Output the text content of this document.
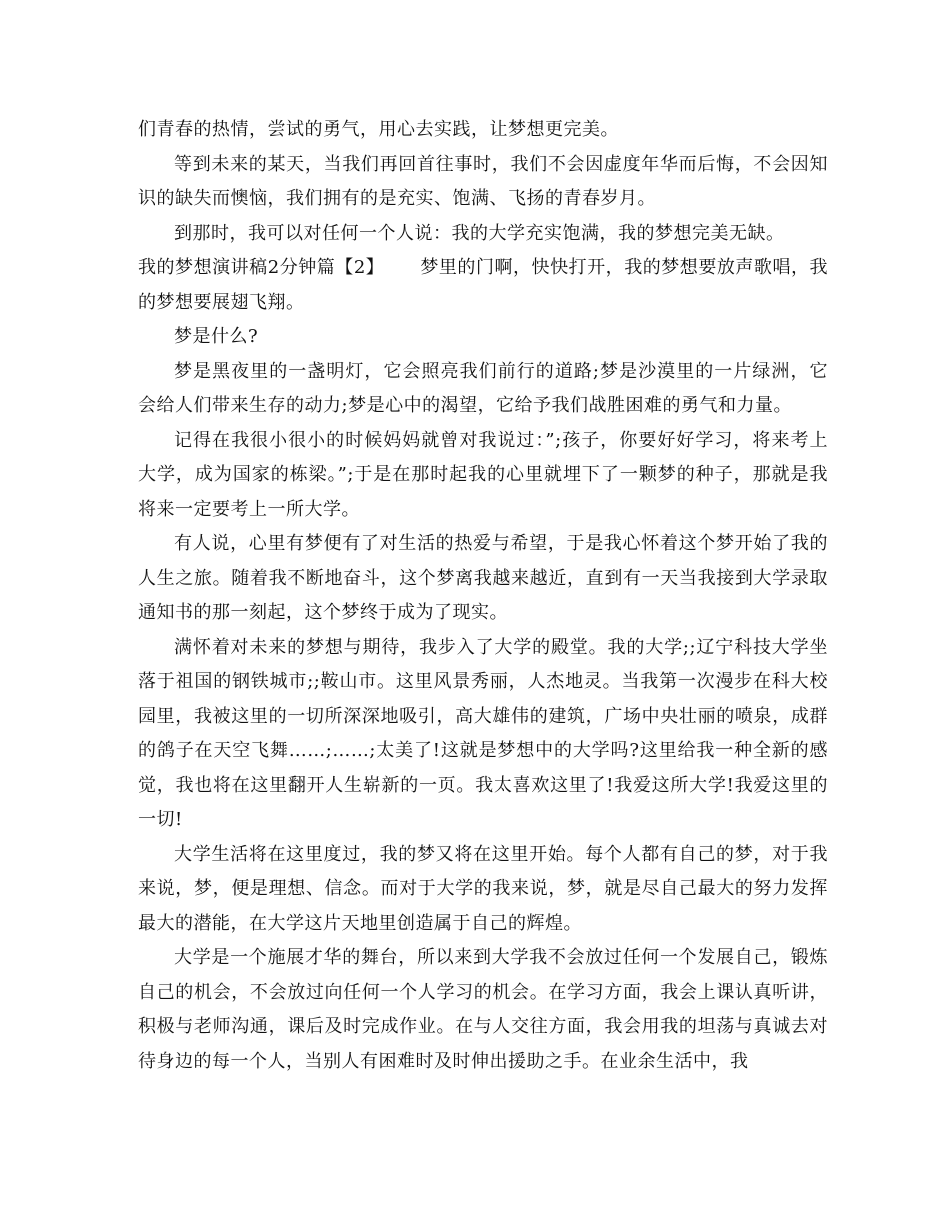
们青春的热情，尝试的勇气，用心去实践，让梦想更完美。

等到未来的某天，当我们再回首往事时，我们不会因虚度年华而后悔，不会因知识的缺失而懊恼，我们拥有的是充实、饱满、飞扬的青春岁月。

到那时，我可以对任何一个人说：我的大学充实饱满，我的梦想完美无缺。

我的梦想演讲稿2分钟篇【2】 梦里的门啊，快快打开，我的梦想要放声歌唱，我的梦想要展翅飞翔。

梦是什么?

梦是黑夜里的一盏明灯，它会照亮我们前行的道路;梦是沙漠里的一片绿洲，它会给人们带来生存的动力;梦是心中的渴望，它给予我们战胜困难的勇气和力量。

记得在我很小很小的时候妈妈就曾对我说过：”;孩子，你要好好学习，将来考上大学，成为国家的栋梁。”;于是在那时起我的心里就埋下了一颗梦的种子，那就是我将来一定要考上一所大学。

有人说，心里有梦便有了对生活的热爱与希望，于是我心怀着这个梦开始了我的人生之旅。随着我不断地奋斗，这个梦离我越来越近，直到有一天当我接到大学录取通知书的那一刻起，这个梦终于成为了现实。

满怀着对未来的梦想与期待，我步入了大学的殿堂。我的大学;;辽宁科技大学坐落于祖国的钢铁城市;;鞍山市。这里风景秀丽，人杰地灵。当我第一次漫步在科大校园里，我被这里的一切所深深地吸引，高大雄伟的建筑，广场中央壮丽的喷泉，成群的鸽子在天空飞舞……;……;太美了!这就是梦想中的大学吗?这里给我一种全新的感觉，我也将在这里翻开人生崭新的一页。我太喜欢这里了!我爱这所大学!我爱这里的一切!

大学生活将在这里度过，我的梦又将在这里开始。每个人都有自己的梦，对于我来说，梦，便是理想、信念。而对于大学的我来说，梦，就是尽自己最大的努力发挥最大的潜能，在大学这片天地里创造属于自己的辉煌。

大学是一个施展才华的舞台，所以来到大学我不会放过任何一个发展自己，锻炼自己的机会，不会放过向任何一个人学习的机会。在学习方面，我会上课认真听讲，积极与老师沟通，课后及时完成作业。在与人交往方面，我会用我的坦荡与真诚去对待身边的每一个人，当别人有困难时及时伸出援助之手。在业余生活中，我
